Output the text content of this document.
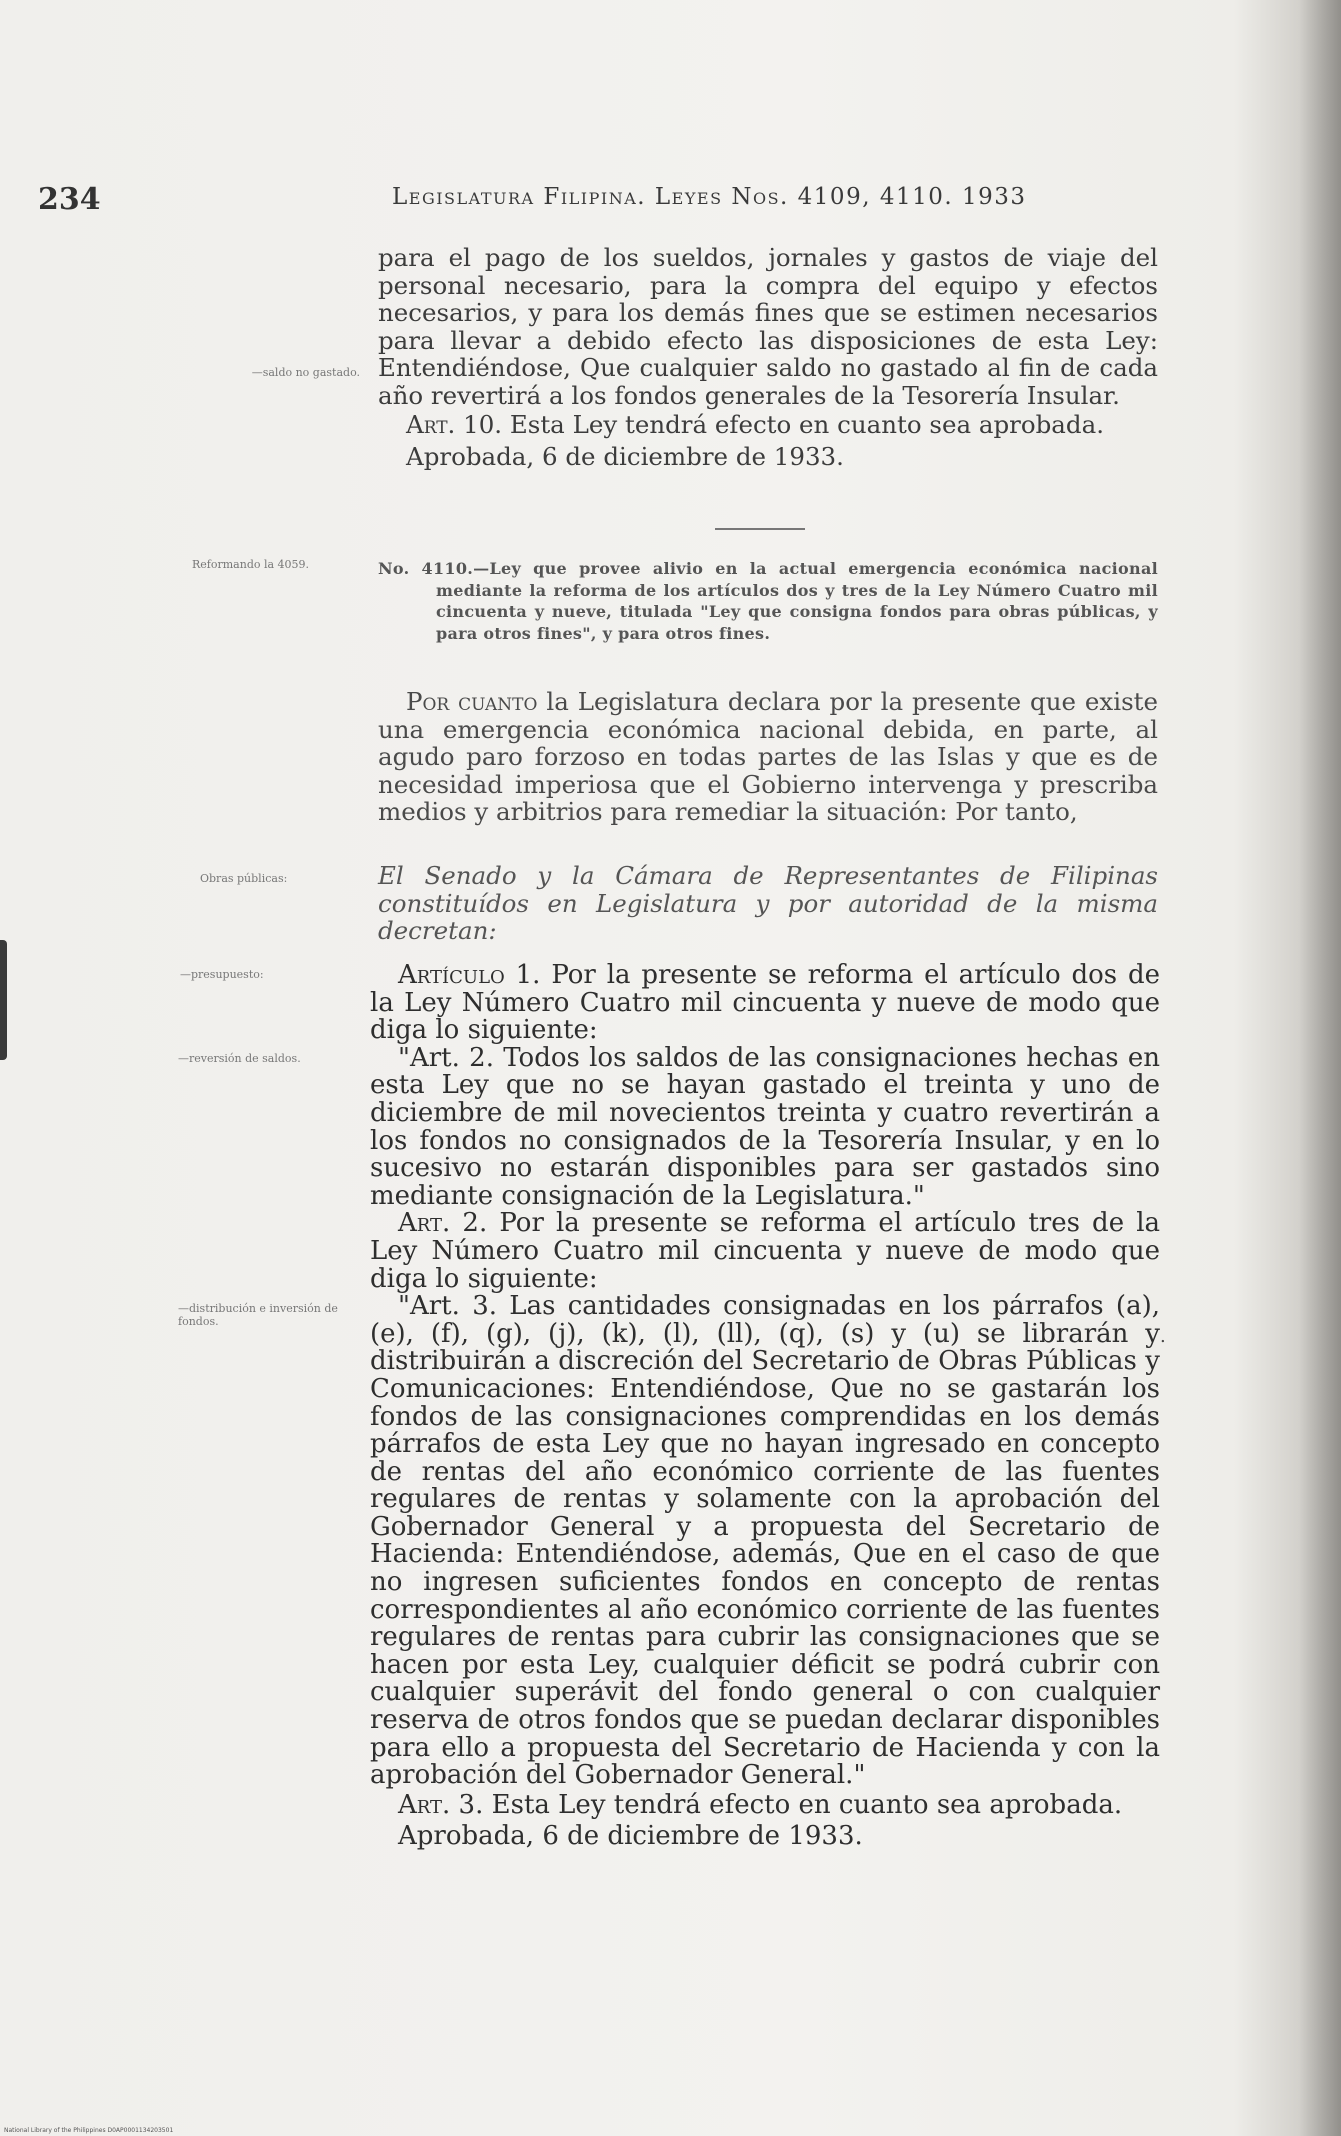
234	Legislatura Filipina. Leyes Nos. 4109, 4110. 1933

para el pago de los sueldos, jornales y gastos de viaje del personal necesario, para la compra del equipo y efectos necesarios, y para los demás fines que se estimen necesarios para llevar a debido efecto las disposiciones de esta Ley: Entendiéndose, Que cualquier saldo no gastado al fin de cada año revertirá a los fondos generales de la Tesorería Insular.

Art. 10. Esta Ley tendrá efecto en cuanto sea aprobada.

Aprobada, 6 de diciembre de 1933.

—saldo no gastado.
Reformando la 4059.	No. 4110.—Ley que provee alivio en la actual emergencia económica nacional mediante la reforma de los artículos dos y tres de la Ley Número Cuatro mil cincuenta y nueve, titulada "Ley que consigna fondos para obras públicas, y para otros fines", y para otros fines.

Por cuanto la Legislatura declara por la presente que existe una emergencia económica nacional debida, en parte, al agudo paro forzoso en todas partes de las Islas y que es de necesidad imperiosa que el Gobierno intervenga y prescriba medios y arbitrios para remediar la situación: Por tanto,

Obras públicas:	El Senado y la Cámara de Representantes de Filipinas constituídos en Legislatura y por autoridad de la misma decretan:
—presupuesto:
—reversión de saldos.
—distribución e inversión de fondos.

Artículo 1. Por la presente se reforma el artículo dos de la Ley Número Cuatro mil cincuenta y nueve de modo que diga lo siguiente:

"Art. 2. Todos los saldos de las consignaciones hechas en esta Ley que no se hayan gastado el treinta y uno de diciembre de mil novecientos treinta y cuatro revertirán a los fondos no consignados de la Tesorería Insular, y en lo sucesivo no estarán disponibles para ser gastados sino mediante consignación de la Legislatura."

Art. 2. Por la presente se reforma el artículo tres de la Ley Número Cuatro mil cincuenta y nueve de modo que diga lo siguiente:

"Art. 3. Las cantidades consignadas en los párrafos (a), (e), (f), (g), (j), (k), (l), (ll), (q), (s) y (u) se librarán y distribuirán a discreción del Secretario de Obras Públicas y Comunicaciones: Entendiéndose, Que no se gastarán los fondos de las consignaciones comprendidas en los demás párrafos de esta Ley que no hayan ingresado en concepto de rentas del año económico corriente de las fuentes regulares de rentas y solamente con la aprobación del Gobernador General y a propuesta del Secretario de Hacienda: Entendiéndose, además, Que en el caso de que no ingresen suficientes fondos en concepto de rentas correspondientes al año económico corriente de las fuentes regulares de rentas para cubrir las consignaciones que se hacen por esta Ley, cualquier déficit se podrá cubrir con cualquier superávit del fondo general o con cualquier reserva de otros fondos que se puedan declarar disponibles para ello a propuesta del Secretario de Hacienda y con la aprobación del Gobernador General."

Art. 3. Esta Ley tendrá efecto en cuanto sea aprobada.

Aprobada, 6 de diciembre de 1933.

.
National Library of the Philippines D0AP0001134203501
